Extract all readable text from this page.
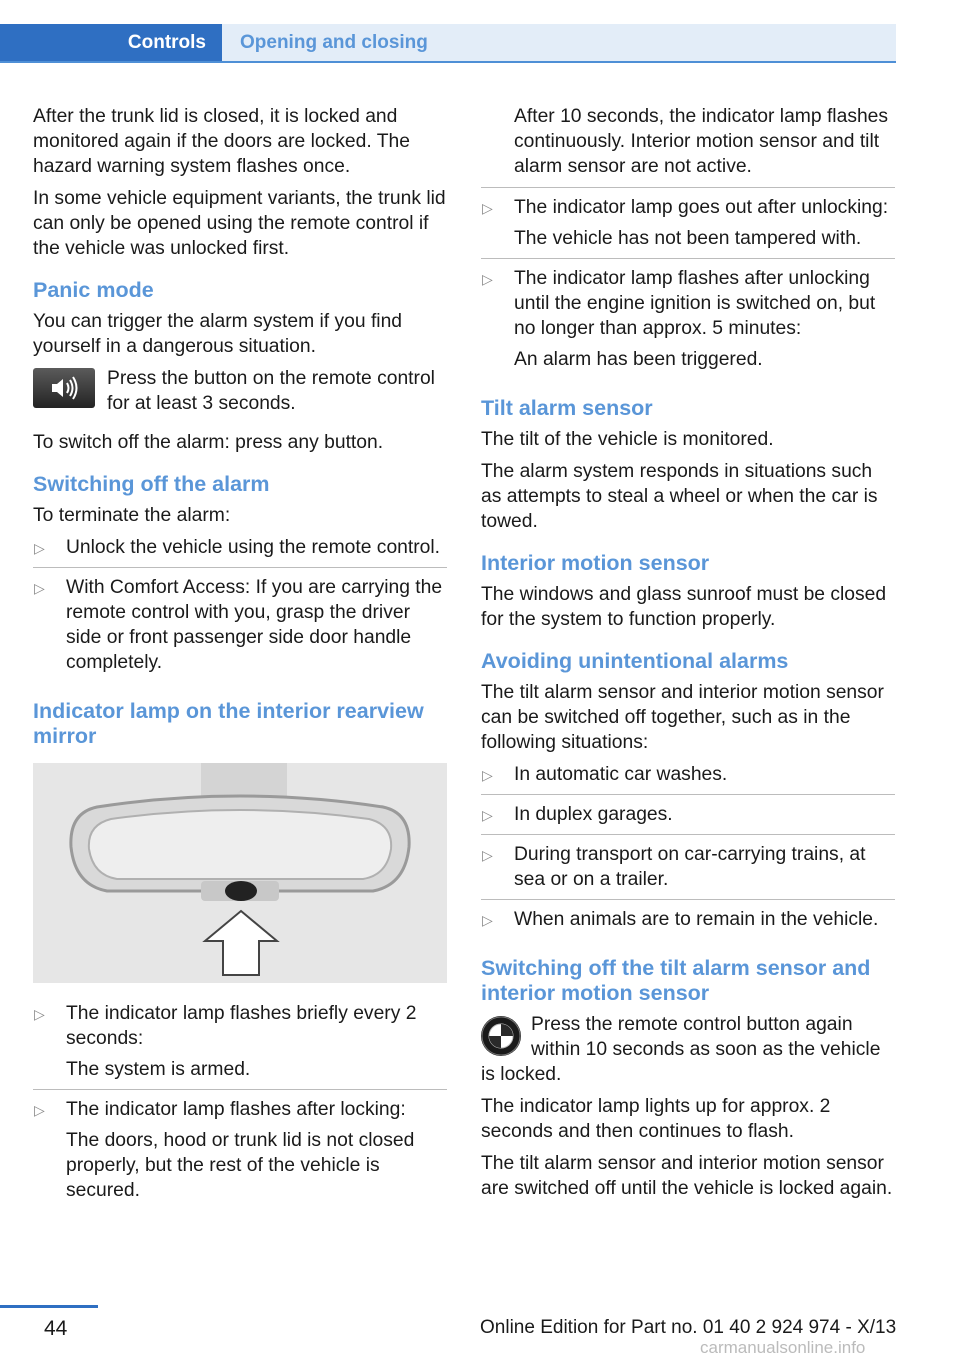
Controls	Opening and closing

After the trunk lid is closed, it is locked and monitored again if the doors are locked. The hazard warning system flashes once.

In some vehicle equipment variants, the trunk lid can only be opened using the remote control if the vehicle was unlocked first.

Panic mode

You can trigger the alarm system if you find yourself in a dangerous situation.

Press the button on the remote control for at least 3 seconds.

To switch off the alarm: press any button.

Switching off the alarm

To terminate the alarm:

▷ Unlock the vehicle using the remote control.
▷ With Comfort Access: If you are carrying the remote control with you, grasp the driver side or front passenger side door handle completely.
Indicator lamp on the interior rearview mirror
▷ The indicator lamp flashes briefly every 2 seconds:

The system is armed.

▷ The indicator lamp flashes after locking:

The doors, hood or trunk lid is not closed properly, but the rest of the vehicle is secured.

After 10 seconds, the indicator lamp flashes continuously. Interior motion sensor and tilt alarm sensor are not active.

▷ The indicator lamp goes out after unlocking:

The vehicle has not been tampered with.

▷ The indicator lamp flashes after unlocking until the engine ignition is switched on, but no longer than approx. 5 minutes:

An alarm has been triggered.

Tilt alarm sensor

The tilt of the vehicle is monitored.

The alarm system responds in situations such as attempts to steal a wheel or when the car is towed.

Interior motion sensor

The windows and glass sunroof must be closed for the system to function properly.

Avoiding unintentional alarms

The tilt alarm sensor and interior motion sensor can be switched off together, such as in the following situations:

▷ In automatic car washes.
▷ In duplex garages.
▷ During transport on car-carrying trains, at sea or on a trailer.
▷ When animals are to remain in the vehicle.
Switching off the tilt alarm sensor and interior motion sensor

Press the remote control button again within 10 seconds as soon as the vehicle is locked.

The indicator lamp lights up for approx. 2 seconds and then continues to flash.

The tilt alarm sensor and interior motion sensor are switched off until the vehicle is locked again.

44	Online Edition for Part no. 01 40 2 924 974 - X/13
carmanualsonline.info
